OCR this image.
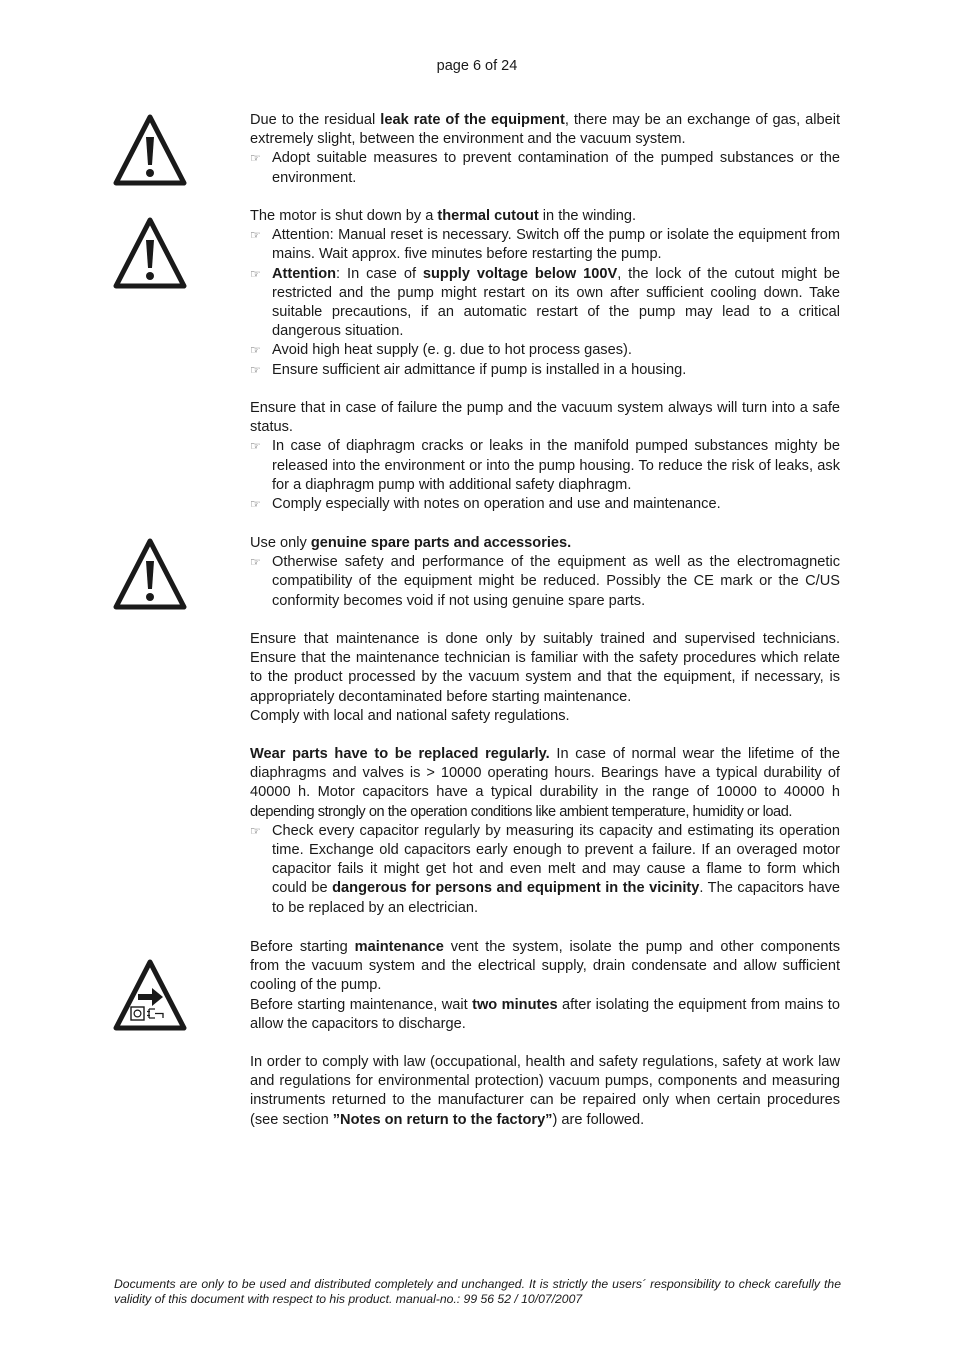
page 6 of 24

Due to the residual leak rate of the equipment, there may be an exchange of gas, albeit extremely slight, between the environment and the vacuum system.

☞ Adopt suitable measures to prevent contamination of the pumped substances or the environment.

The motor is shut down by a thermal cutout in the winding.

☞ Attention: Manual reset is necessary. Switch off the pump or isolate the equipment from mains. Wait approx. five minutes before restarting the pump.

☞ Attention: In case of supply voltage below 100V, the lock of the cutout might be restricted and the pump might restart on its own after sufficient cooling down. Take suitable precautions, if an automatic restart of the pump may lead to a critical dangerous situation.

☞ Avoid high heat supply (e. g. due to hot process gases).

☞ Ensure sufficient air admittance if pump is installed in a housing.

Ensure that in case of failure the pump and the vacuum system always will turn into a safe status.

☞ In case of diaphragm cracks or leaks in the manifold pumped substances mighty be released into the environment or into the pump housing. To reduce the risk of leaks, ask for a diaphragm pump with additional safety diaphragm.

☞ Comply especially with notes on operation and use and maintenance.

Use only genuine spare parts and accessories.

☞ Otherwise safety and performance of the equipment as well as the electromagnetic compatibility of the equipment might be reduced. Possibly the CE mark or the C/US conformity becomes void if not using genuine spare parts.

Ensure that maintenance is done only by suitably trained and supervised technicians. Ensure that the maintenance technician is familiar with the safety procedures which relate to the product processed by the vacuum system and that the equipment, if necessary, is appropriately decontaminated before starting maintenance.

Comply with local and national safety regulations.

Wear parts have to be replaced regularly. In case of normal wear the lifetime of the diaphragms and valves is > 10000 operating hours. Bearings have a typical durability of 40000 h. Motor capacitors have a typical durability in the range of 10000 to 40000 h depending strongly on the operation conditions like ambient temperature, humidity or load.

☞ Check every capacitor regularly by measuring its capacity and estimating its operation time. Exchange old capacitors early enough to prevent a failure. If an overaged motor capacitor fails it might get hot and even melt and may cause a flame to form which could be dangerous for persons and equipment in the vicinity. The capacitors have to be replaced by an electrician.

Before starting maintenance vent the system, isolate the pump and other components from the vacuum system and the electrical supply, drain condensate and allow sufficient cooling of the pump.

Before starting maintenance, wait two minutes after isolating the equipment from mains to allow the capacitors to discharge.

In order to comply with law (occupational, health and safety regulations, safety at work law and regulations for environmental protection) vacuum pumps, components and measuring instruments returned to the manufacturer can be repaired only when certain procedures (see section ”Notes on return to the factory”) are followed.

Documents are only to be used and distributed completely and unchanged. It is strictly the users´ responsibility to check carefully the validity of this document with respect to his product. manual-no.: 99 56 52 / 10/07/2007
